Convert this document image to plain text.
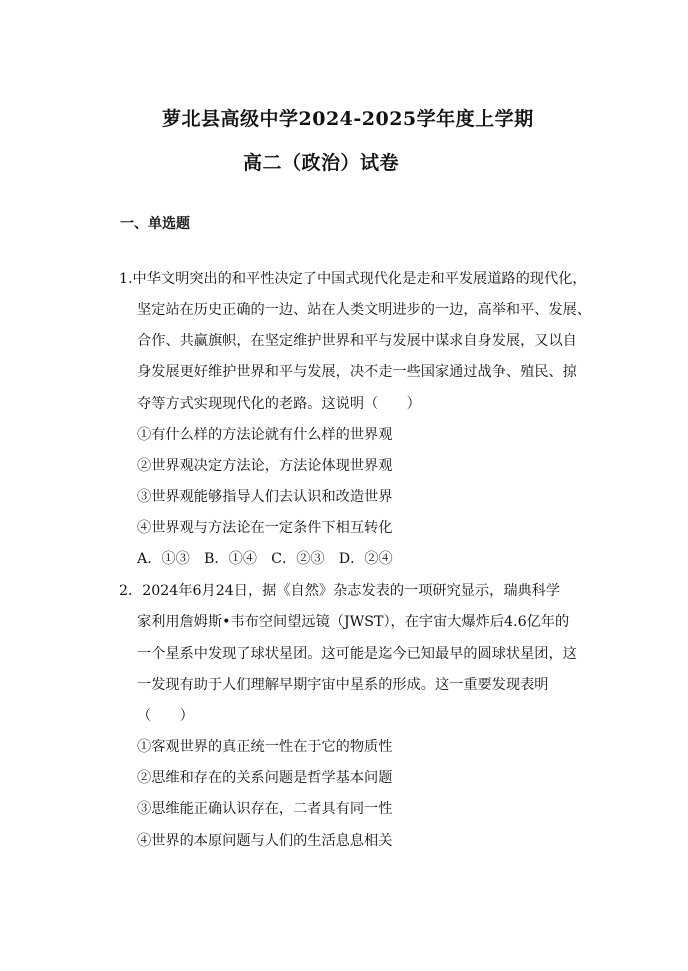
萝北县高级中学2024-2025学年度上学期
高二（政治）试卷
一、单选题
1.中华文明突出的和平性决定了中国式现代化是走和平发展道路的现代化，
坚定站在历史正确的一边、站在人类文明进步的一边，高举和平、发展、
合作、共赢旗帜，在坚定维护世界和平与发展中谋求自身发展，又以自
身发展更好维护世界和平与发展，决不走一些国家通过战争、殖民、掠
夺等方式实现现代化的老路。这说明（　　）
①有什么样的方法论就有什么样的世界观
②世界观决定方法论，方法论体现世界观
③世界观能够指导人们去认识和改造世界
④世界观与方法论在一定条件下相互转化
A．①③　B．①④　C．②③　D．②④
2．2024年6月24日，据《自然》杂志发表的一项研究显示，瑞典科学
家利用詹姆斯•韦布空间望远镜（JWST），在宇宙大爆炸后4.6亿年的
一个星系中发现了球状星团。这可能是迄今已知最早的圆球状星团，这
一发现有助于人们理解早期宇宙中星系的形成。这一重要发现表明
（　　）
①客观世界的真正统一性在于它的物质性
②思维和存在的关系问题是哲学基本问题
③思维能正确认识存在，二者具有同一性
④世界的本原问题与人们的生活息息相关
